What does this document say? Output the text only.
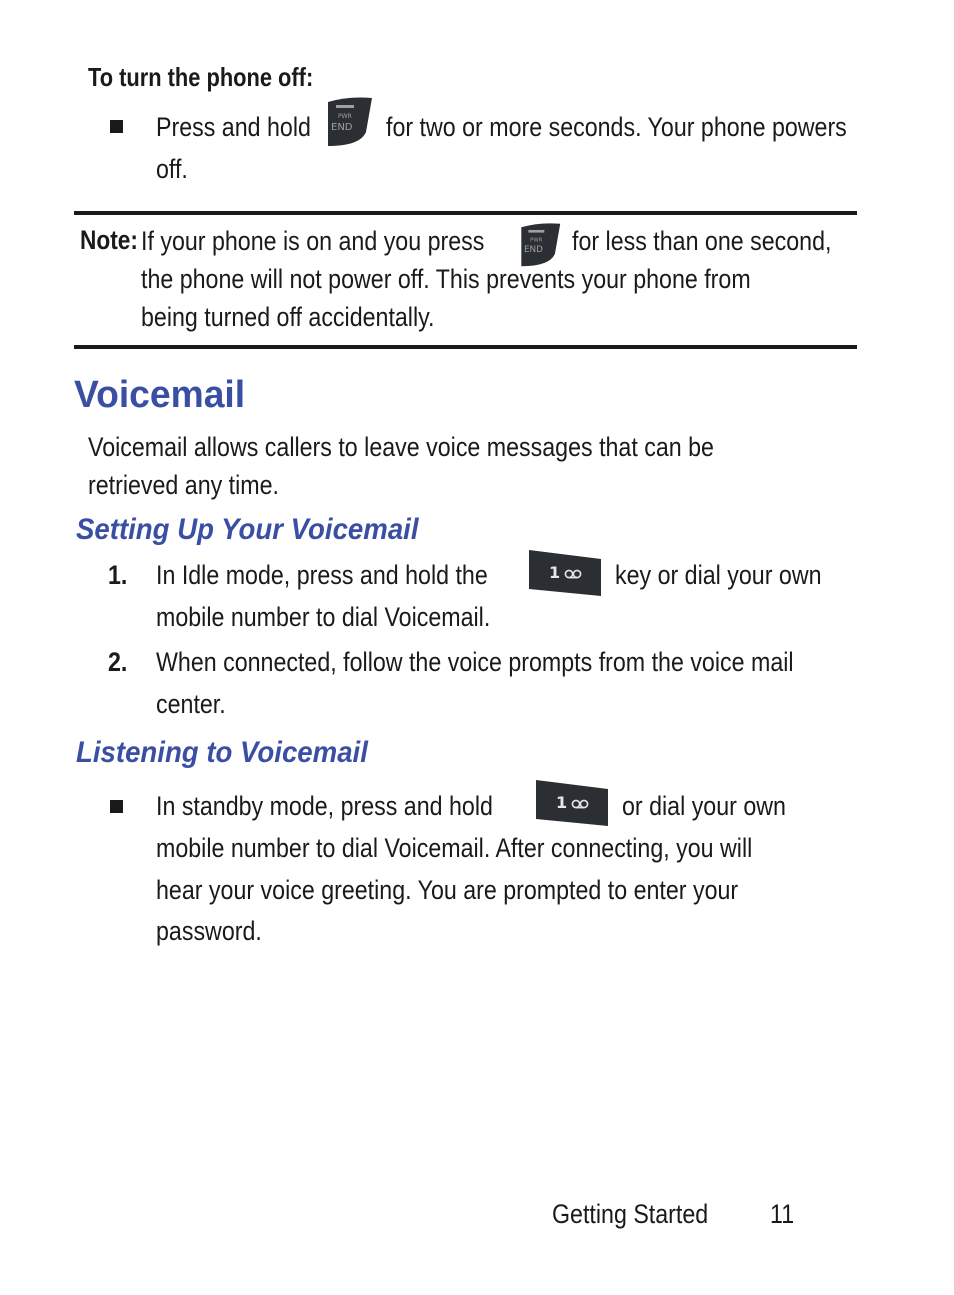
To turn the phone off:
Press and hold	PWR
END for two or more seconds. Your phone powers
off.
Note: If your phone is on and you press	PWR
END for less than one second,
the phone will not power off. This prevents your phone from
being turned off accidentally.
Voicemail
Voicemail allows callers to leave voice messages that can be
retrieved any time.
Setting Up Your Voicemail
1. In Idle mode, press and hold the	1 key or dial your own
mobile number to dial Voicemail.
2. When connected, follow the voice prompts from the voice mail
center.
Listening to Voicemail
In standby mode, press and hold	1 or dial your own
mobile number to dial Voicemail. After connecting, you will
hear your voice greeting. You are prompted to enter your
password.
Getting Started 11
